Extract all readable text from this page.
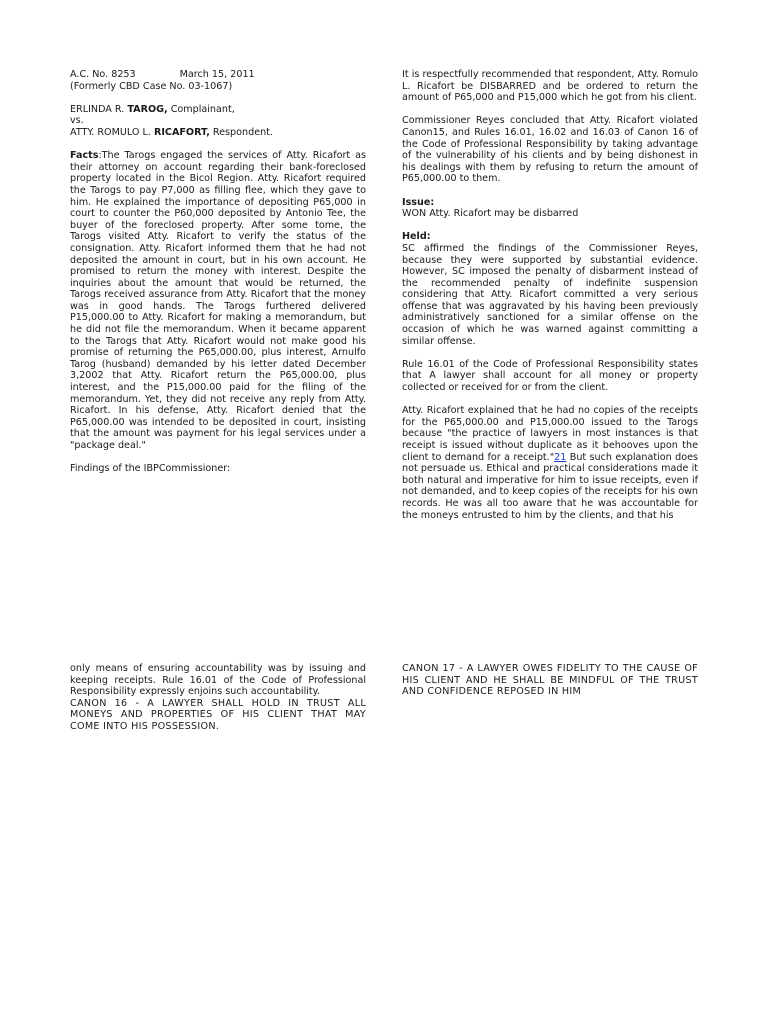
A.C. No. 8253	March 15, 2011

(Formerly CBD Case No. 03-1067)

ERLINDA R. TAROG, Complainant,

vs.

ATTY. ROMULO L. RICAFORT, Respondent.

Facts:The Tarogs engaged the services of Atty. Ricafort as their attorney on account regarding their bank-foreclosed property located in the Bicol Region. Atty. Ricafort required the Tarogs to pay P7,000 as filling flee, which they gave to him. He explained the importance of depositing P65,000 in court to counter the P60,000 deposited by Antonio Tee, the buyer of the foreclosed property. After some tome, the Tarogs visited Atty. Ricafort to verify the status of the consignation. Atty. Ricafort informed them that he had not deposited the amount in court, but in his own account. He promised to return the money with interest. Despite the inquiries about the amount that would be returned, the Tarogs received assurance from Atty. Ricafort that the money was in good hands. The Tarogs furthered delivered P15,000.00 to Atty. Ricafort for making a memorandum, but he did not file the memorandum. When it became apparent to the Tarogs that Atty. Ricafort would not make good his promise of returning the P65,000.00, plus interest, Arnulfo Tarog (husband) demanded by his letter dated December 3,2002 that Atty. Ricafort return the P65,000.00, plus interest, and the P15,000.00 paid for the filing of the memorandum. Yet, they did not receive any reply from Atty. Ricafort. In his defense, Atty. Ricafort denied that the P65,000.00 was intended to be deposited in court, insisting that the amount was payment for his legal services under a "package deal."

Findings of the IBPCommissioner:

It is respectfully recommended that respondent, Atty. Romulo L. Ricafort be DISBARRED and be ordered to return the amount of P65,000 and P15,000 which he got from his client.

Commissioner Reyes concluded that Atty. Ricafort violated Canon15, and Rules 16.01, 16.02 and 16.03 of Canon 16 of the Code of Professional Responsibility by taking advantage of the vulnerability of his clients and by being dishonest in his dealings with them by refusing to return the amount of P65,000.00 to them.

Issue:

WON Atty. Ricafort may be disbarred

Held:

SC affirmed the findings of the Commissioner Reyes, because they were supported by substantial evidence. However, SC imposed the penalty of disbarment instead of the recommended penalty of indefinite suspension considering that Atty. Ricafort committed a very serious offense that was aggravated by his having been previously administratively sanctioned for a similar offense on the occasion of which he was warned against committing a similar offense.

Rule 16.01 of the Code of Professional Responsibility states that A lawyer shall account for all money or property collected or received for or from the client.

Atty. Ricafort explained that he had no copies of the receipts for the P65,000.00 and P15,000.00 issued to the Tarogs because "the practice of lawyers in most instances is that receipt is issued without duplicate as it behooves upon the client to demand for a receipt."21 But such explanation does not persuade us. Ethical and practical considerations made it both natural and imperative for him to issue receipts, even if not demanded, and to keep copies of the receipts for his own records. He was all too aware that he was accountable for the moneys entrusted to him by the clients, and that his

only means of ensuring accountability was by issuing and keeping receipts. Rule 16.01 of the Code of Professional Responsibility expressly enjoins such accountability.

CANON 16 - A LAWYER SHALL HOLD IN TRUST ALL MONEYS AND PROPERTIES OF HIS CLIENT THAT MAY COME INTO HIS POSSESSION.

CANON 17 - A LAWYER OWES FIDELITY TO THE CAUSE OF HIS CLIENT AND HE SHALL BE MINDFUL OF THE TRUST AND CONFIDENCE REPOSED IN HIM
